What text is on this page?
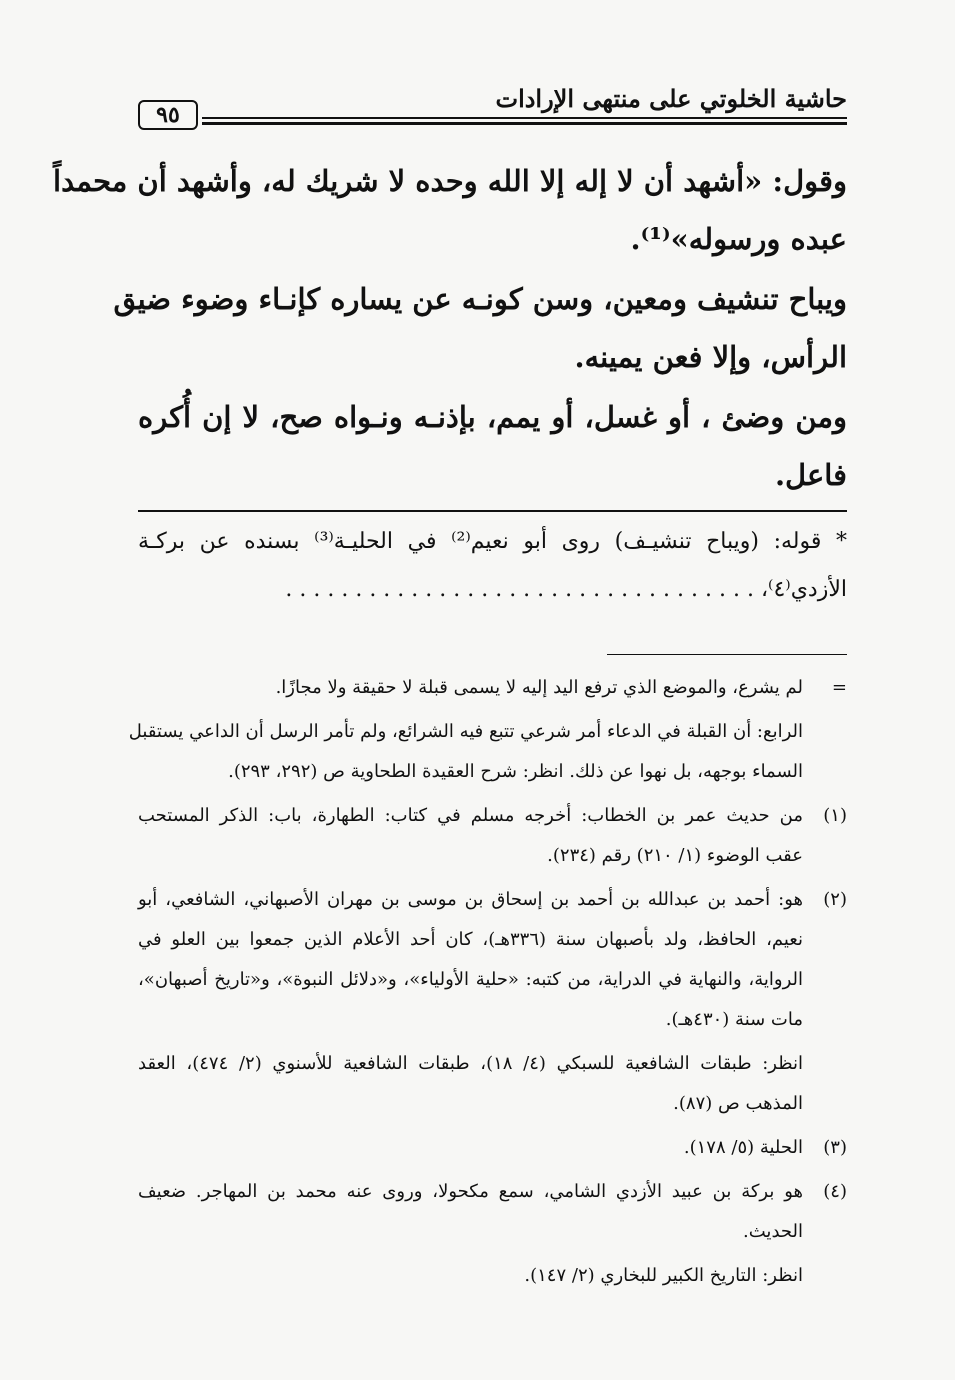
حاشية الخلوتي على منتهى الإرادات
٩٥
وقول: «أشهد أن لا إله إلا الله وحده لا شريك له، وأشهد أن محمداً
عبده ورسوله»⁽¹⁾.
ويباح تنشيف ومعين، وسن كونـه عن يساره كإنـاء وضوء ضيق
الرأس، وإلا فعن يمينه.
ومن وضئ ، أو غسل، أو يمم، بإذنـه ونـواه صح، لا إن أُكره
فاعل.
* قوله: (ويباح تنشيـف) روى أبو نعيم⁽²⁾ في الحليـة⁽³⁾ بسنده عن بركـة
الأزدي⁽٤⁾، . . . . . . . . . . . . . . . . . . . . . . . . . . . . . . . . . .
=
لم يشرع، والموضع الذي ترفع اليد إليه لا يسمى قبلة لا حقيقة ولا مجازًا.
الرابع: أن القبلة في الدعاء أمر شرعي تتبع فيه الشرائع، ولم تأمر الرسل أن الداعي يستقبل
السماء بوجهه، بل نهوا عن ذلك. انظر: شرح العقيدة الطحاوية ص (٢٩٢، ٢٩٣).
(١)
من حديث عمر بن الخطاب: أخرجه مسلم في كتاب: الطهارة، باب: الذكر المستحب
عقب الوضوء (١/ ٢١٠) رقم (٢٣٤).
(٢)
هو: أحمد بن عبدالله بن أحمد بن إسحاق بن موسى بن مهران الأصبهاني، الشافعي، أبو
نعيم، الحافظ، ولد بأصبهان سنة (٣٣٦هـ)، كان أحد الأعلام الذين جمعوا بين العلو في
الرواية، والنهاية في الدراية، من كتبه: «حلية الأولياء»، و«دلائل النبوة»، و«تاريخ أصبهان»،
مات سنة (٤٣٠هـ).
انظر: طبقات الشافعية للسبكي (٤/ ١٨)، طبقات الشافعية للأسنوي (٢/ ٤٧٤)، العقد
المذهب ص (٨٧).
(٣)
الحلية (٥/ ١٧٨).
(٤)
هو بركة بن عبيد الأزدي الشامي، سمع مكحولا، وروى عنه محمد بن المهاجر. ضعيف
الحديث.
انظر: التاريخ الكبير للبخاري (٢/ ١٤٧).
